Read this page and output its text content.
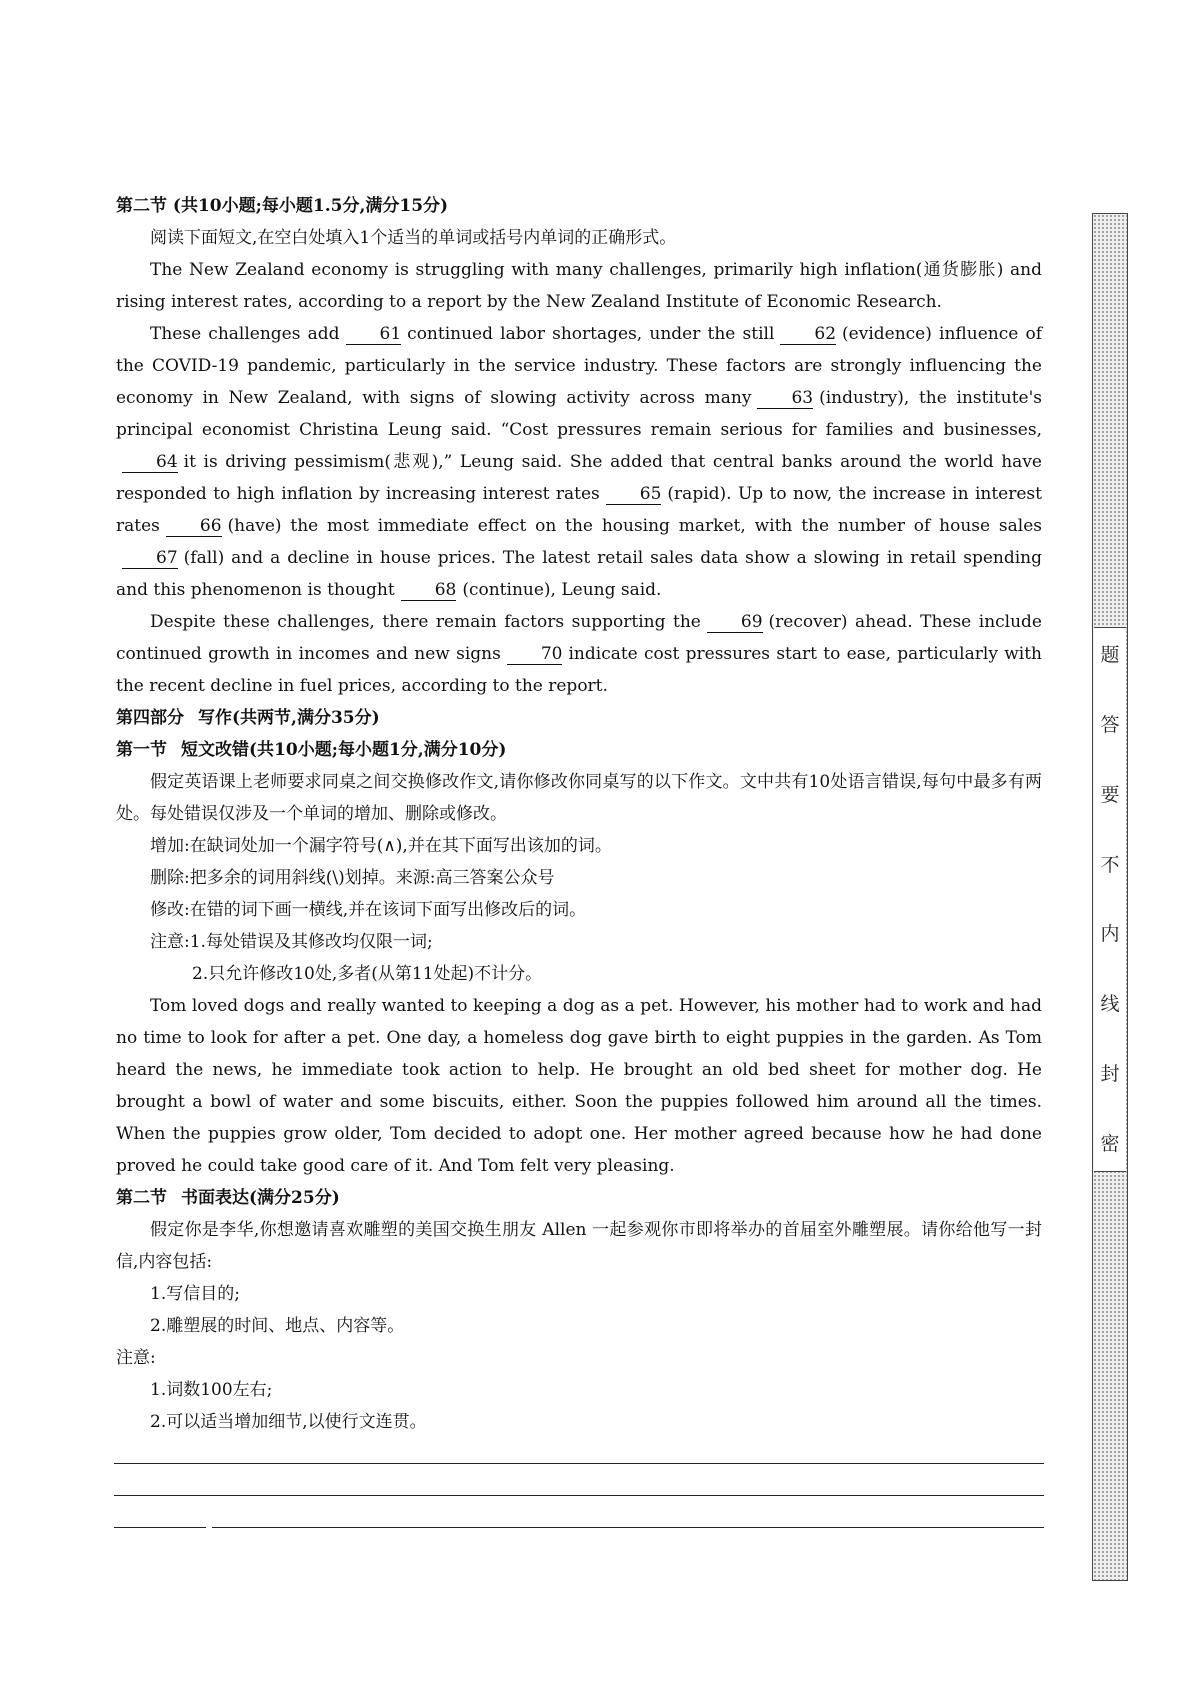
第二节 (共10小题;每小题1.5分,满分15分)

阅读下面短文,在空白处填入1个适当的单词或括号内单词的正确形式。

The New Zealand economy is struggling with many challenges, primarily high inflation(通货膨胀) and rising interest rates, according to a report by the New Zealand Institute of Economic Research.

These challenges add 61 continued labor shortages, under the still 62 (evidence) influence of the COVID-19 pandemic, particularly in the service industry. These factors are strongly influencing the economy in New Zealand, with signs of slowing activity across many 63 (industry), the institute's principal economist Christina Leung said. “Cost pressures remain serious for families and businesses,64 it is driving pessimism(悲观),” Leung said. She added that central banks around the world have responded to high inflation by increasing interest rates 65 (rapid). Up to now, the increase in interest rates 66 (have) the most immediate effect on the housing market, with the number of house sales67 (fall) and a decline in house prices. The latest retail sales data show a slowing in retail spending and this phenomenon is thought 68 (continue), Leung said.

Despite these challenges, there remain factors supporting the 69 (recover) ahead. These include continued growth in incomes and new signs 70 indicate cost pressures start to ease, particularly with the recent decline in fuel prices, according to the report.

第四部分 写作(共两节,满分35分)

第一节 短文改错(共10小题;每小题1分,满分10分)

假定英语课上老师要求同桌之间交换修改作文,请你修改你同桌写的以下作文。文中共有10处语言错误,每句中最多有两处。每处错误仅涉及一个单词的增加、删除或修改。

增加:在缺词处加一个漏字符号(∧),并在其下面写出该加的词。

删除:把多余的词用斜线(\)划掉。来源:高三答案公众号

修改:在错的词下画一横线,并在该词下面写出修改后的词。

注意:1.每处错误及其修改均仅限一词;

2.只允许修改10处,多者(从第11处起)不计分。

Tom loved dogs and really wanted to keeping a dog as a pet. However, his mother had to work and had no time to look for after a pet. One day, a homeless dog gave birth to eight puppies in the garden. As Tom heard the news, he immediate took action to help. He brought an old bed sheet for mother dog. He brought a bowl of water and some biscuits, either. Soon the puppies followed him around all the times. When the puppies grow older, Tom decided to adopt one. Her mother agreed because how he had done proved he could take good care of it. And Tom felt very pleasing.

第二节 书面表达(满分25分)

假定你是李华,你想邀请喜欢雕塑的美国交换生朋友 Allen 一起参观你市即将举办的首届室外雕塑展。请你给他写一封信,内容包括:

1.写信目的;

2.雕塑展的时间、地点、内容等。

注意:

1.词数100左右;

2.可以适当增加细节,以使行文连贯。

题
答
要
不
内
线
封
密
